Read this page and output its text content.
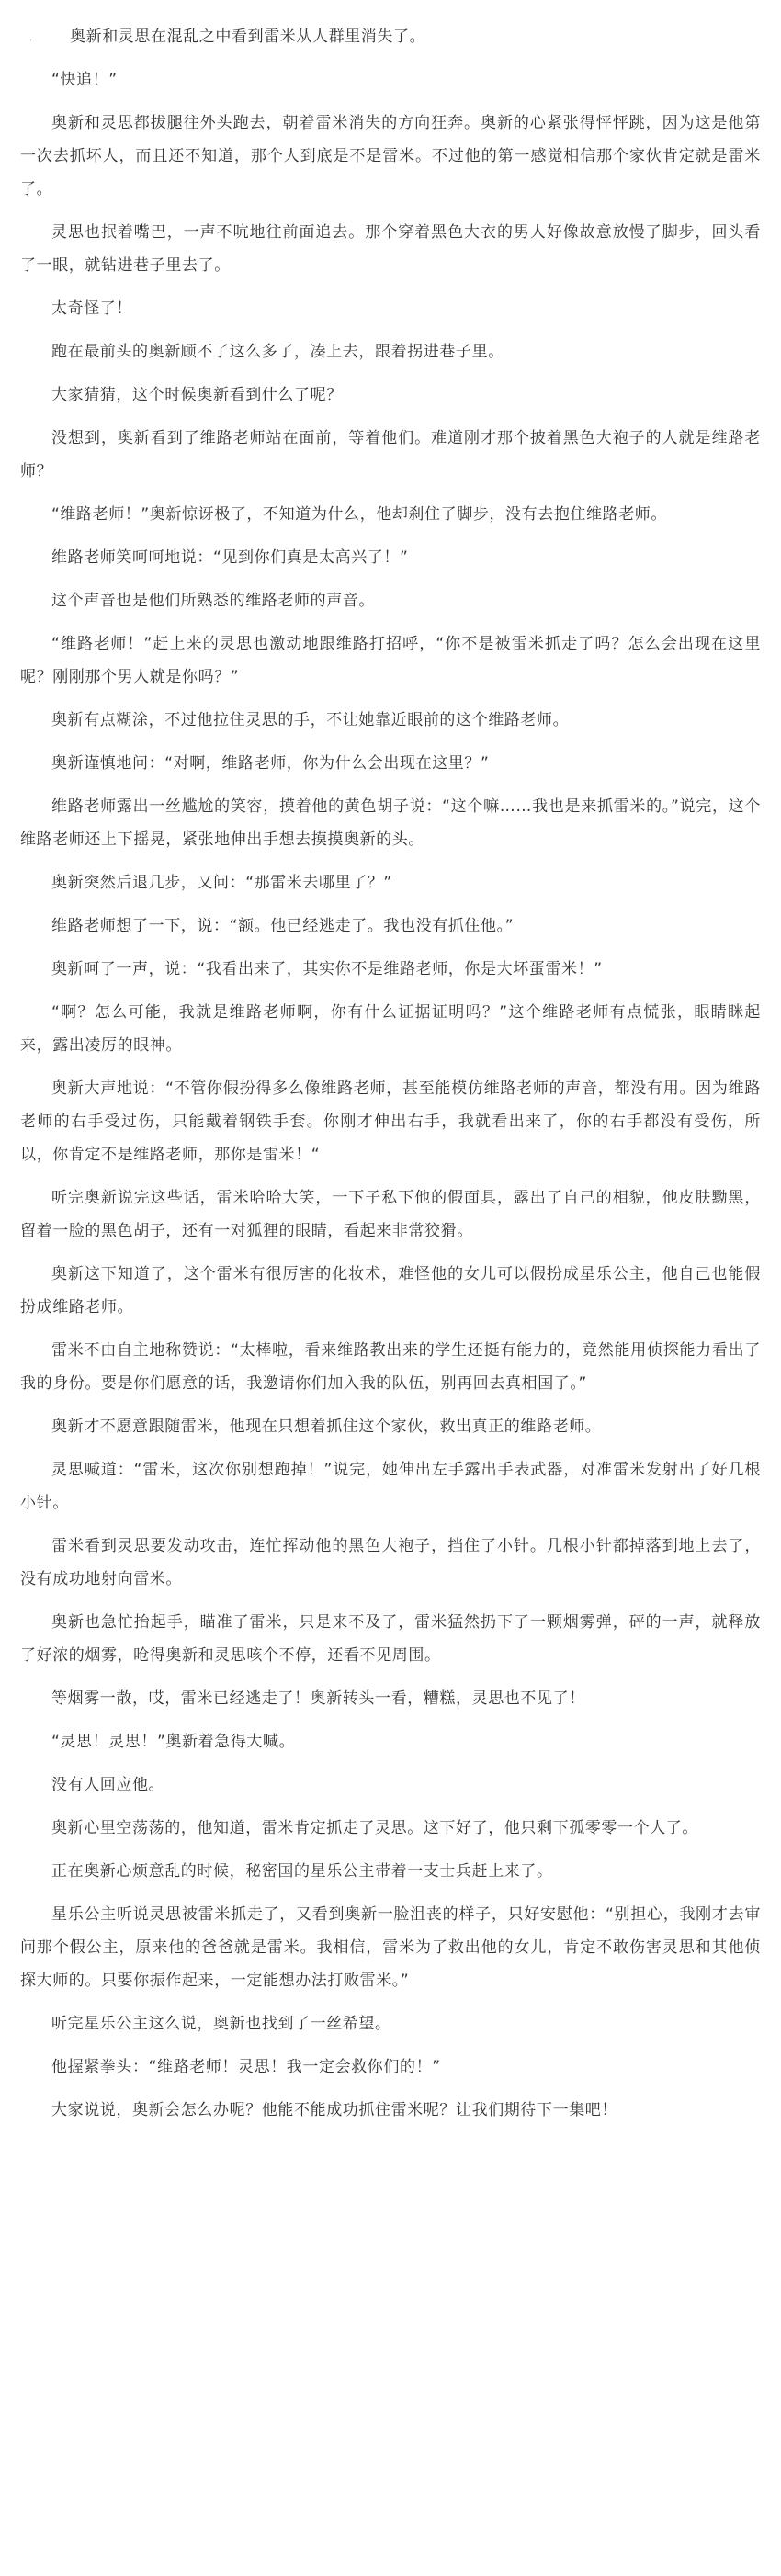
.	奥新和灵思在混乱之中看到雷米从人群里消失了。

“快追！”

奥新和灵思都拔腿往外头跑去，朝着雷米消失的方向狂奔。奥新的心紧张得怦怦跳，因为这是他第一次去抓坏人，而且还不知道，那个人到底是不是雷米。不过他的第一感觉相信那个家伙肯定就是雷米了。

灵思也抿着嘴巴，一声不吭地往前面追去。那个穿着黑色大衣的男人好像故意放慢了脚步，回头看了一眼，就钻进巷子里去了。

太奇怪了！

跑在最前头的奥新顾不了这么多了，凑上去，跟着拐进巷子里。

大家猜猜，这个时候奥新看到什么了呢？

没想到，奥新看到了维路老师站在面前，等着他们。难道刚才那个披着黑色大袍子的人就是维路老师？

“维路老师！”奥新惊讶极了，不知道为什么，他却刹住了脚步，没有去抱住维路老师。

维路老师笑呵呵地说：“见到你们真是太高兴了！”

这个声音也是他们所熟悉的维路老师的声音。

“维路老师！”赶上来的灵思也激动地跟维路打招呼，“你不是被雷米抓走了吗？怎么会出现在这里呢？刚刚那个男人就是你吗？”

奥新有点糊涂，不过他拉住灵思的手，不让她靠近眼前的这个维路老师。

奥新谨慎地问：“对啊，维路老师，你为什么会出现在这里？”

维路老师露出一丝尴尬的笑容，摸着他的黄色胡子说：“这个嘛……我也是来抓雷米的。”说完，这个维路老师还上下摇晃，紧张地伸出手想去摸摸奥新的头。

奥新突然后退几步，又问：“那雷米去哪里了？”

维路老师想了一下，说：“额。他已经逃走了。我也没有抓住他。”

奥新呵了一声，说：“我看出来了，其实你不是维路老师，你是大坏蛋雷米！”

“啊？怎么可能，我就是维路老师啊，你有什么证据证明吗？”这个维路老师有点慌张，眼睛眯起来，露出凌厉的眼神。

奥新大声地说：“不管你假扮得多么像维路老师，甚至能模仿维路老师的声音，都没有用。因为维路老师的右手受过伤，只能戴着钢铁手套。你刚才伸出右手，我就看出来了，你的右手都没有受伤，所以，你肯定不是维路老师，那你是雷米！“

听完奥新说完这些话，雷米哈哈大笑，一下子私下他的假面具，露出了自己的相貌，他皮肤黝黑，留着一脸的黑色胡子，还有一对狐狸的眼睛，看起来非常狡猾。

奥新这下知道了，这个雷米有很厉害的化妆术，难怪他的女儿可以假扮成星乐公主，他自己也能假扮成维路老师。

雷米不由自主地称赞说：“太棒啦，看来维路教出来的学生还挺有能力的，竟然能用侦探能力看出了我的身份。要是你们愿意的话，我邀请你们加入我的队伍，别再回去真相国了。”

奥新才不愿意跟随雷米，他现在只想着抓住这个家伙，救出真正的维路老师。

灵思喊道：“雷米，这次你别想跑掉！”说完，她伸出左手露出手表武器，对准雷米发射出了好几根小针。

雷米看到灵思要发动攻击，连忙挥动他的黑色大袍子，挡住了小针。几根小针都掉落到地上去了，没有成功地射向雷米。

奥新也急忙抬起手，瞄准了雷米，只是来不及了，雷米猛然扔下了一颗烟雾弹，砰的一声，就释放了好浓的烟雾，呛得奥新和灵思咳个不停，还看不见周围。

等烟雾一散，哎，雷米已经逃走了！奥新转头一看，糟糕，灵思也不见了！

“灵思！灵思！”奥新着急得大喊。

没有人回应他。

奥新心里空荡荡的，他知道，雷米肯定抓走了灵思。这下好了，他只剩下孤零零一个人了。

正在奥新心烦意乱的时候，秘密国的星乐公主带着一支士兵赶上来了。

星乐公主听说灵思被雷米抓走了，又看到奥新一脸沮丧的样子，只好安慰他：“别担心，我刚才去审问那个假公主，原来他的爸爸就是雷米。我相信，雷米为了救出他的女儿，肯定不敢伤害灵思和其他侦探大师的。只要你振作起来，一定能想办法打败雷米。”

听完星乐公主这么说，奥新也找到了一丝希望。

他握紧拳头：“维路老师！灵思！我一定会救你们的！”

大家说说，奥新会怎么办呢？他能不能成功抓住雷米呢？让我们期待下一集吧！
